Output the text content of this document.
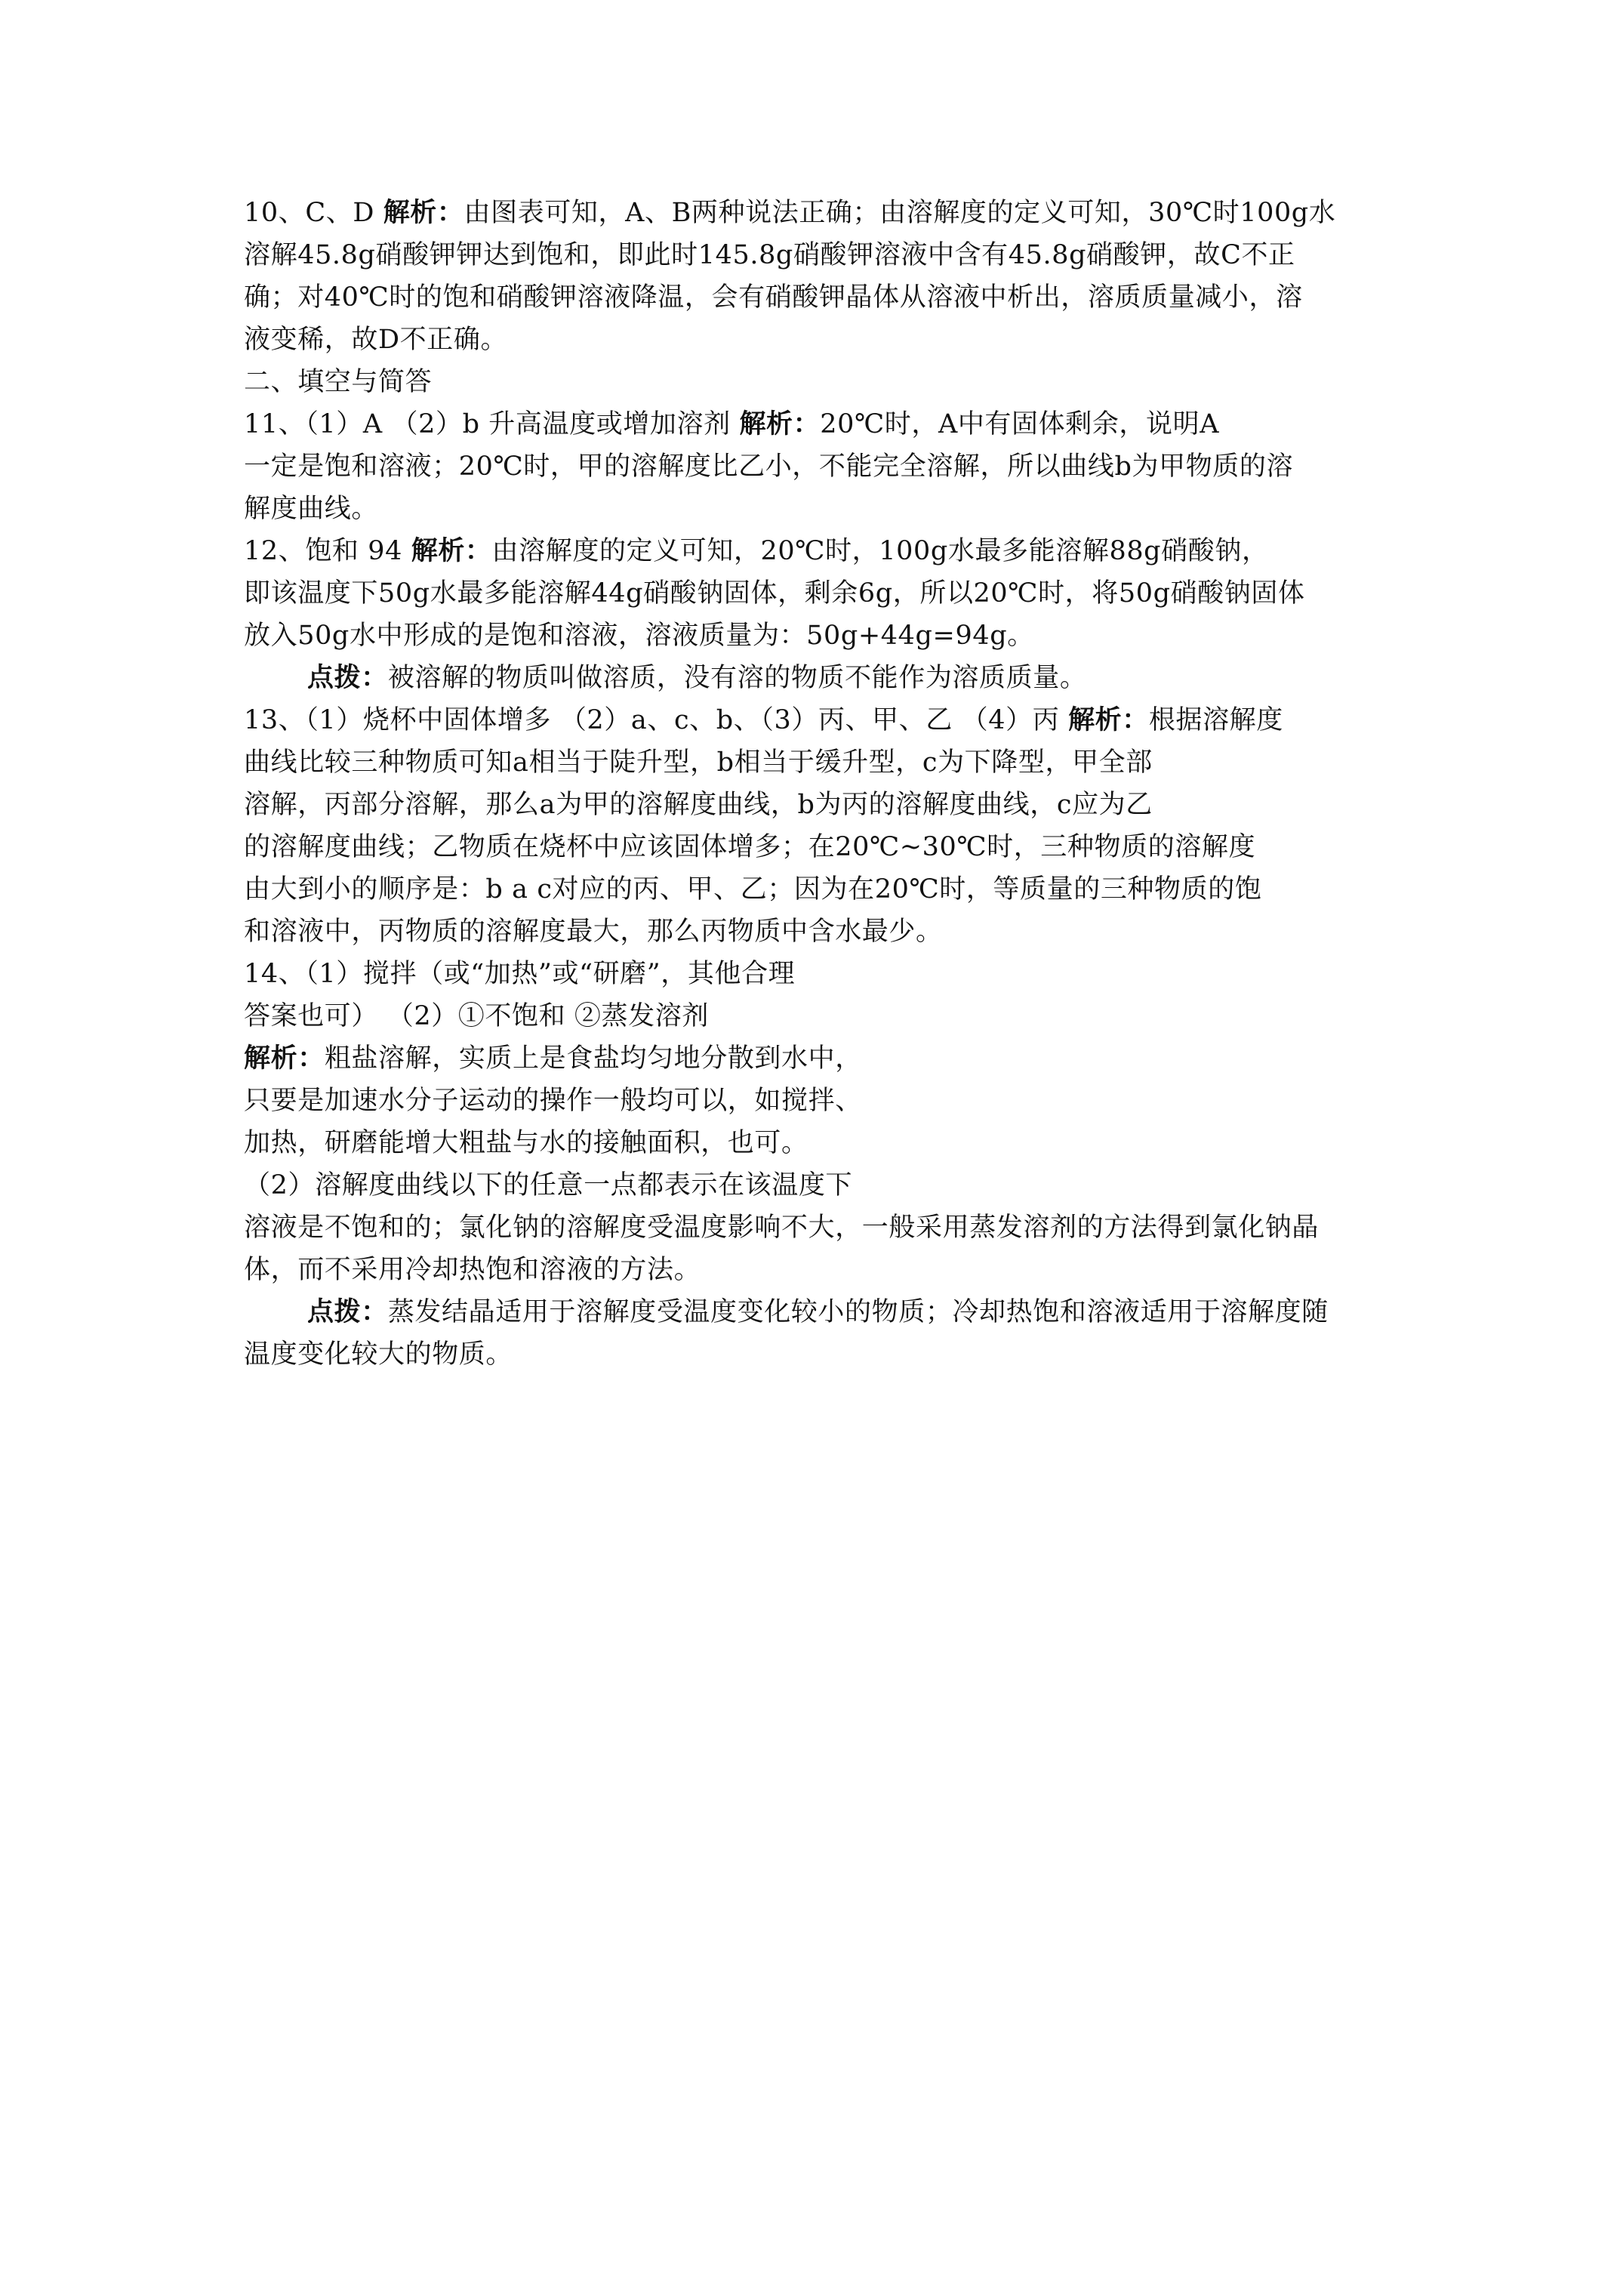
10、C、D 解析：由图表可知，A、B两种说法正确；由溶解度的定义可知，30℃时100g水
溶解45.8g硝酸钾钾达到饱和，即此时145.8g硝酸钾溶液中含有45.8g硝酸钾，故C不正
确；对40℃时的饱和硝酸钾溶液降温，会有硝酸钾晶体从溶液中析出，溶质质量减小，溶
液变稀，故D不正确。
二、填空与简答
11、（1）A （2）b 升高温度或增加溶剂 解析：20℃时，A中有固体剩余，说明A
一定是饱和溶液；20℃时，甲的溶解度比乙小，不能完全溶解，所以曲线b为甲物质的溶
解度曲线。
12、饱和 94 解析：由溶解度的定义可知，20℃时，100g水最多能溶解88g硝酸钠，
即该温度下50g水最多能溶解44g硝酸钠固体，剩余6g，所以20℃时，将50g硝酸钠固体
放入50g水中形成的是饱和溶液，溶液质量为：50g+44g=94g。
点拨：被溶解的物质叫做溶质，没有溶的物质不能作为溶质质量。
13、（1）烧杯中固体增多 （2）a、c、b、（3）丙、甲、乙 （4）丙 解析：根据溶解度
曲线比较三种物质可知a相当于陡升型，b相当于缓升型，c为下降型，甲全部
溶解，丙部分溶解，那么a为甲的溶解度曲线，b为丙的溶解度曲线，c应为乙
的溶解度曲线；乙物质在烧杯中应该固体增多；在20℃~30℃时，三种物质的溶解度
由大到小的顺序是：b a c对应的丙、甲、乙；因为在20℃时，等质量的三种物质的饱
和溶液中，丙物质的溶解度最大，那么丙物质中含水最少。
14、（1）搅拌（或“加热”或“研磨”，其他合理
答案也可） （2）①不饱和 ②蒸发溶剂
解析：粗盐溶解，实质上是食盐均匀地分散到水中，
只要是加速水分子运动的操作一般均可以，如搅拌、
加热，研磨能增大粗盐与水的接触面积，也可。
（2）溶解度曲线以下的任意一点都表示在该温度下
溶液是不饱和的；氯化钠的溶解度受温度影响不大，一般采用蒸发溶剂的方法得到氯化钠晶
体，而不采用冷却热饱和溶液的方法。
点拨：蒸发结晶适用于溶解度受温度变化较小的物质；冷却热饱和溶液适用于溶解度随
温度变化较大的物质。
